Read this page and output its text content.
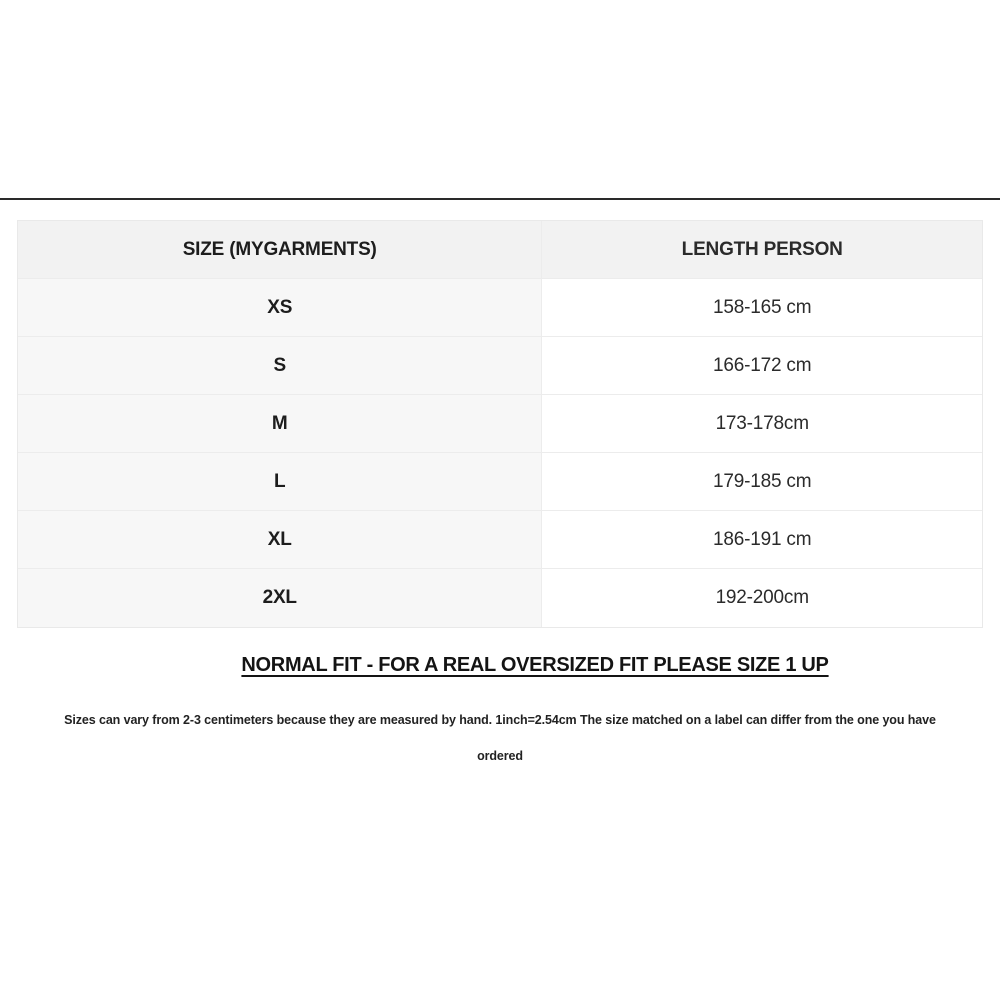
SIZE (MYGARMENTS)	LENGTH PERSON
XS	158-165 cm
S	166-172 cm
M	173-178cm
L	179-185 cm
XL	186-191 cm
2XL	192-200cm
NORMAL FIT - FOR A REAL OVERSIZED FIT PLEASE SIZE 1 UP
Sizes can vary from 2-3 centimeters because they are measured by hand. 1inch=2.54cm The size matched on a label can differ from the one you have
ordered
